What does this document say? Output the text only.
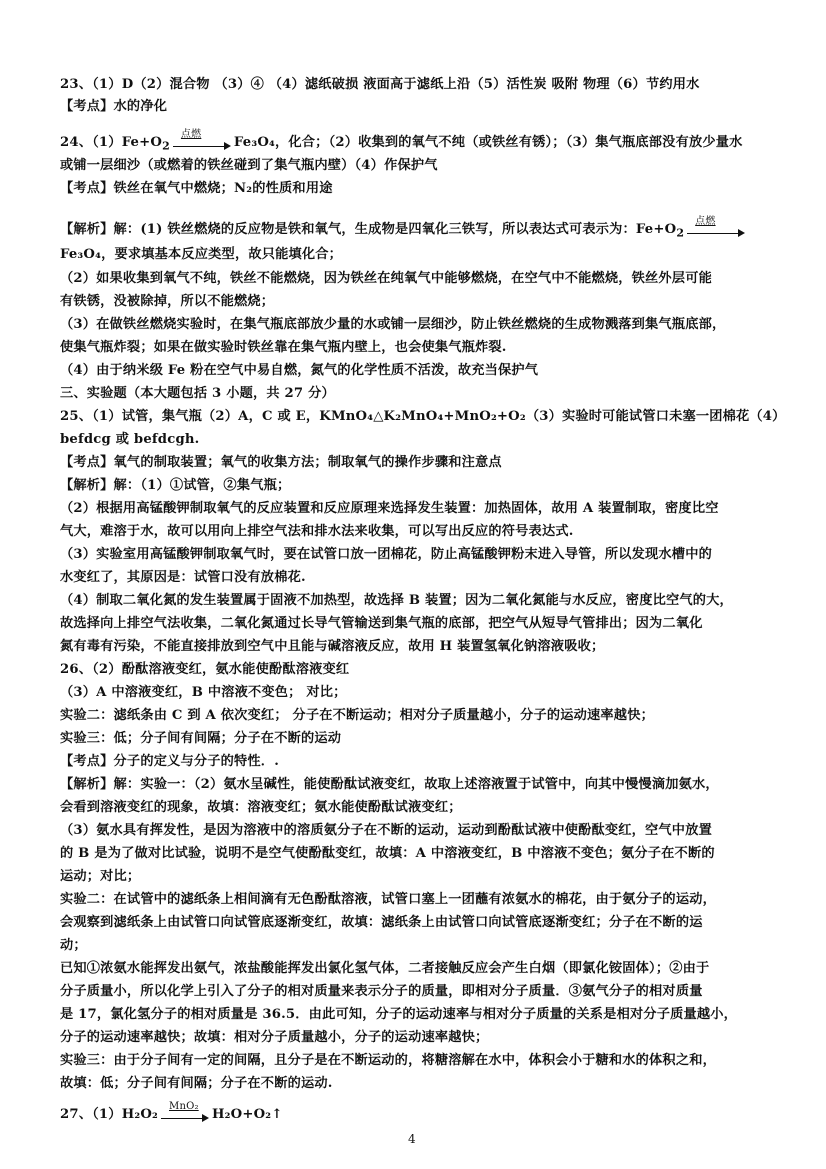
23、（1）D（2）混合物 （3）④ （4）滤纸破损 液面高于滤纸上沿（5）活性炭 吸附 物理（6）节约用水
【考点】水的净化
24、$(1)Fe+O_2$
点燃
Fe₃O₄，化合；（2）收集到的氧气不纯（或铁丝有锈）；（3）集气瓶底部没有放少量水
或铺一层细沙（或燃着的铁丝碰到了集气瓶内壁）（4）作保护气
【考点】铁丝在氧气中燃烧；N₂的性质和用途
【解析】解：(1) 铁丝燃烧的反应物是铁和氧气，生成物是四氧化三铁写，所以表达式可表示为：$Fe+O_2$
点燃
Fe₃O₄，要求填基本反应类型，故只能填化合；
（2）如果收集到氧气不纯，铁丝不能燃烧，因为铁丝在纯氧气中能够燃烧，在空气中不能燃烧，铁丝外层可能
有铁锈，没被除掉，所以不能燃烧；
（3）在做铁丝燃烧实验时，在集气瓶底部放少量的水或铺一层细沙，防止铁丝燃烧的生成物溅落到集气瓶底部，
使集气瓶炸裂；如果在做实验时铁丝靠在集气瓶内壁上，也会使集气瓶炸裂.
（4）由于纳米级 Fe 粉在空气中易自燃，氮气的化学性质不活泼，故充当保护气
三、实验题（本大题包括 3 小题，共 27 分）
25、（1）试管，集气瓶（2）A，C 或 E，KMnO₄△K₂MnO₄+MnO₂+O₂（3）实验时可能试管口未塞一团棉花（4）
befdcg 或 befdcgh.
【考点】氧气的制取装置；氧气的收集方法；制取氧气的操作步骤和注意点
【解析】解：（1）①试管，②集气瓶；
（2）根据用高锰酸钾制取氧气的反应装置和反应原理来选择发生装置：加热固体，故用 A 装置制取，密度比空
气大，难溶于水，故可以用向上排空气法和排水法来收集，可以写出反应的符号表达式.
（3）实验室用高锰酸钾制取氧气时，要在试管口放一团棉花，防止高锰酸钾粉末进入导管，所以发现水槽中的
水变红了，其原因是：试管口没有放棉花.
（4）制取二氧化氮的发生装置属于固液不加热型，故选择 B 装置；因为二氧化氮能与水反应，密度比空气的大，
故选择向上排空气法收集，二氧化氮通过长导气管输送到集气瓶的底部，把空气从短导气管排出；因为二氧化
氮有毒有污染，不能直接排放到空气中且能与碱溶液反应，故用 H 装置氢氧化钠溶液吸收；
26、（2）酚酞溶液变红，氨水能使酚酞溶液变红
（3）A 中溶液变红，B 中溶液不变色； 对比；
实验二：滤纸条由 C 到 A 依次变红； 分子在不断运动；相对分子质量越小，分子的运动速率越快；
实验三：低；分子间有间隔；分子在不断的运动
【考点】分子的定义与分子的特性．.
【解析】解：实验一：（2）氨水呈碱性，能使酚酞试液变红，故取上述溶液置于试管中，向其中慢慢滴加氨水，
会看到溶液变红的现象，故填：溶液变红；氨水能使酚酞试液变红；
（3）氨水具有挥发性，是因为溶液中的溶质氨分子在不断的运动，运动到酚酞试液中使酚酞变红，空气中放置
的 B 是为了做对比试验，说明不是空气使酚酞变红，故填：A 中溶液变红，B 中溶液不变色；氨分子在不断的
运动；对比；
实验二：在试管中的滤纸条上相间滴有无色酚酞溶液，试管口塞上一团蘸有浓氨水的棉花，由于氨分子的运动，
会观察到滤纸条上由试管口向试管底逐渐变红，故填：滤纸条上由试管口向试管底逐渐变红；分子在不断的运
动；
已知①浓氨水能挥发出氨气，浓盐酸能挥发出氯化氢气体，二者接触反应会产生白烟（即氯化铵固体）；②由于
分子质量小，所以化学上引入了分子的相对质量来表示分子的质量，即相对分子质量．③氨气分子的相对质量
是 17，氯化氢分子的相对质量是 36.5．由此可知，分子的运动速率与相对分子质量的关系是相对分子质量越小，
分子的运动速率越快；故填：相对分子质量越小，分子的运动速率越快；
实验三：由于分子间有一定的间隔，且分子是在不断运动的，将糖溶解在水中，体积会小于糖和水的体积之和，
故填：低；分子间有间隔；分子在不断的运动.
27、（1）H₂O₂
MnO₂
H₂O+O₂↑
4
